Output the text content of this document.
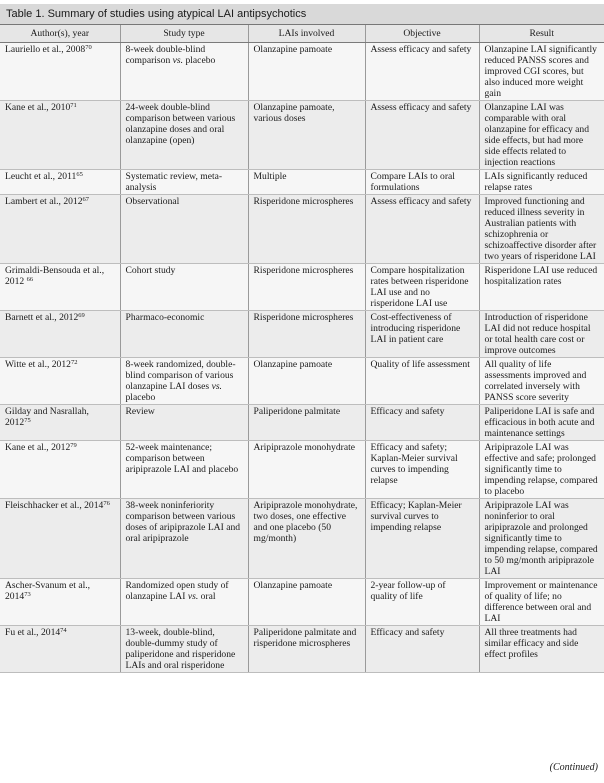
Table 1. Summary of studies using atypical LAI antipsychotics
Author(s), year	Study type	LAIs involved	Objective	Result
Lauriello et al., 2008$^{70}$	8-week double-blind comparison vs. placebo	Olanzapine pamoate	Assess efficacy and safety	Olanzapine LAI significantly reduced PANSS scores and improved CGI scores, but also induced more weight gain
Kane et al., 2010$^{71}$	24-week double-blind comparison between various olanzapine doses and oral olanzapine (open)	Olanzapine pamoate, various doses	Assess efficacy and safety	Olanzapine LAI was comparable with oral olanzapine for efficacy and side effects, but had more side effects related to injection reactions
Leucht et al., 2011$^{65}$	Systematic review, meta-analysis	Multiple	Compare LAIs to oral formulations	LAIs significantly reduced relapse rates
Lambert et al., 2012$^{67}$	Observational	Risperidone microspheres	Assess efficacy and safety	Improved functioning and reduced illness severity in Australian patients with schizophrenia or schizoaffective disorder after two years of risperidone LAI
Grimaldi-Bensouda et al., 2012 $^{66}$	Cohort study	Risperidone microspheres	Compare hospitalization rates between risperidone LAI use and no risperidone LAI use	Risperidone LAI use reduced hospitalization rates
Barnett et al., 2012$^{69}$	Pharmaco-economic	Risperidone microspheres	Cost-effectiveness of introducing risperidone LAI in patient care	Introduction of risperidone LAI did not reduce hospital or total health care cost or improve outcomes
Witte et al., 2012$^{72}$	8-week randomized, double-blind comparison of various olanzapine LAI doses vs. placebo	Olanzapine pamoate	Quality of life assessment	All quality of life assessments improved and correlated inversely with PANSS score severity
Gilday and Nasrallah, 2012$^{75}$	Review	Paliperidone palmitate	Efficacy and safety	Paliperidone LAI is safe and efficacious in both acute and maintenance settings
Kane et al., 2012$^{79}$	52-week maintenance; comparison between aripiprazole LAI and placebo	Aripiprazole monohydrate	Efficacy and safety; Kaplan-Meier survival curves to impending relapse	Aripiprazole LAI was effective and safe; prolonged significantly time to impending relapse, compared to placebo
Fleischhacker et al., 2014$^{76}$	38-week noninferiority comparison between various doses of aripiprazole LAI and oral aripiprazole	Aripiprazole monohydrate, two doses, one effective and one placebo (50 mg/month)	Efficacy; Kaplan-Meier survival curves to impending relapse	Aripiprazole LAI was noninferior to oral aripiprazole and prolonged significantly time to impending relapse, compared to 50 mg/month aripiprazole LAI
Ascher-Svanum et al., 2014$^{73}$	Randomized open study of olanzapine LAI vs. oral	Olanzapine pamoate	2-year follow-up of quality of life	Improvement or maintenance of quality of life; no difference between oral and LAI
Fu et al., 2014$^{74}$	13-week, double-blind, double-dummy study of paliperidone and risperidone LAIs and oral risperidone	Paliperidone palmitate and risperidone microspheres	Efficacy and safety	All three treatments had similar efficacy and side effect profiles
(Continued)
